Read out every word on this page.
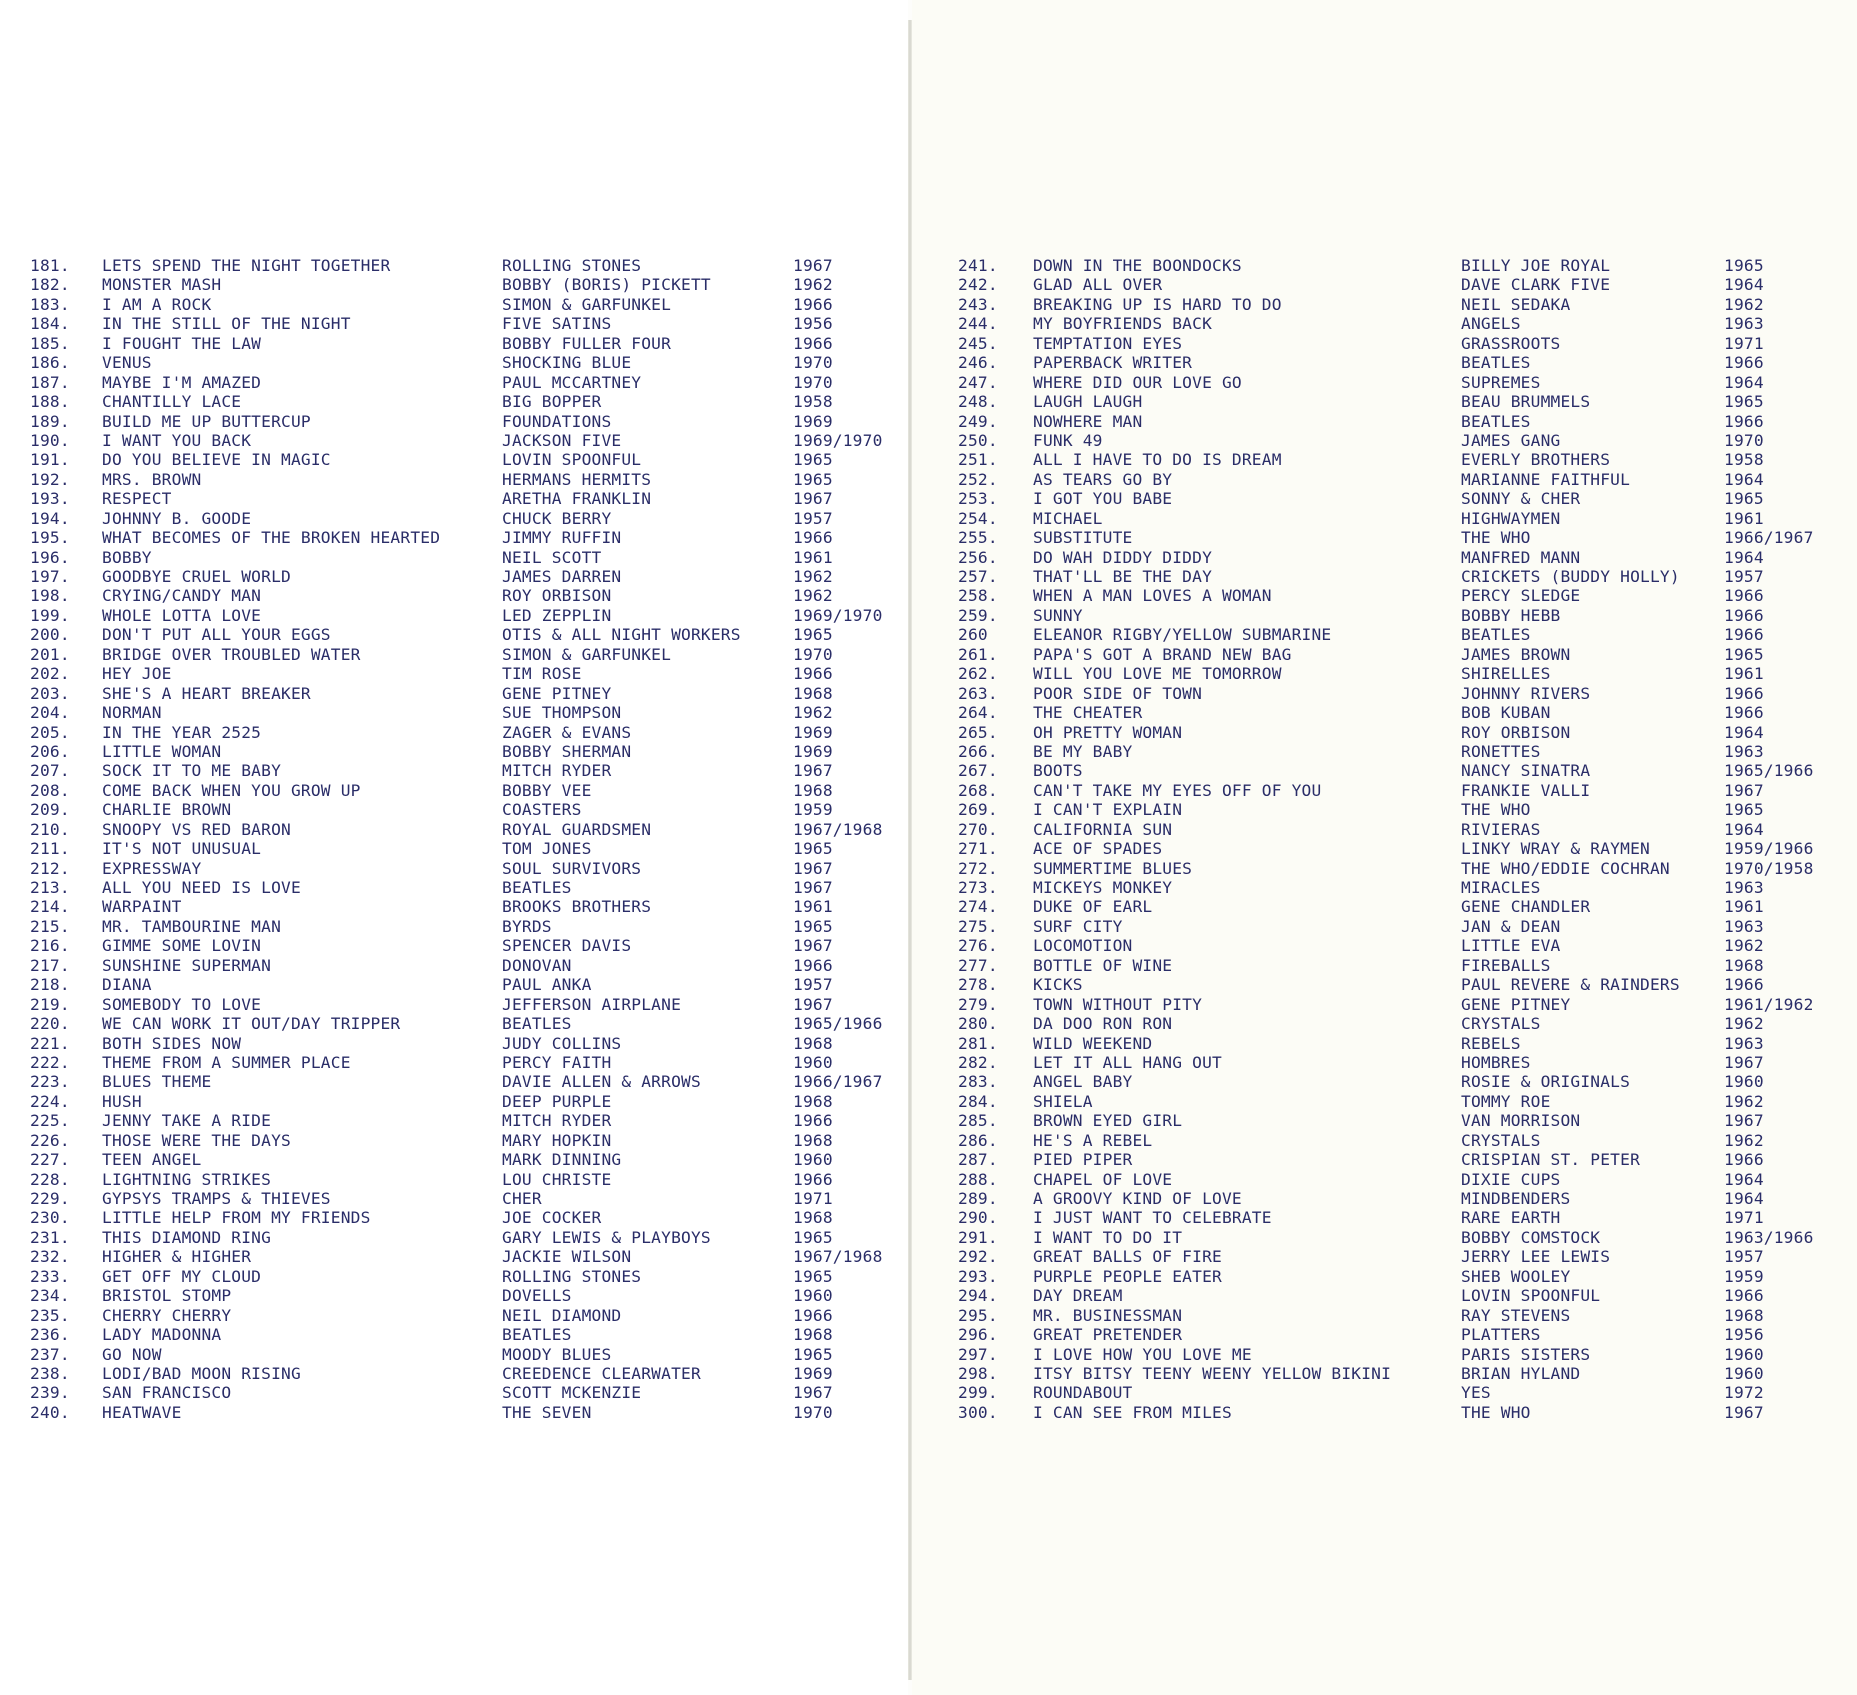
181. LETS SPEND THE NIGHT TOGETHER	ROLLING STONES	1967
182. MONSTER MASH	BOBBY (BORIS) PICKETT	1962
183. I AM A ROCK	SIMON & GARFUNKEL	1966
184. IN THE STILL OF THE NIGHT	FIVE SATINS	1956
185. I FOUGHT THE LAW	BOBBY FULLER FOUR	1966
186. VENUS	SHOCKING BLUE	1970
187. MAYBE I'M AMAZED	PAUL MCCARTNEY	1970
188. CHANTILLY LACE	BIG BOPPER	1958
189. BUILD ME UP BUTTERCUP	FOUNDATIONS	1969
190. I WANT YOU BACK	JACKSON FIVE	1969/1970
191. DO YOU BELIEVE IN MAGIC	LOVIN SPOONFUL	1965
192. MRS. BROWN	HERMANS HERMITS	1965
193. RESPECT	ARETHA FRANKLIN	1967
194. JOHNNY B. GOODE	CHUCK BERRY	1957
195. WHAT BECOMES OF THE BROKEN HEARTED	JIMMY RUFFIN	1966
196. BOBBY	NEIL SCOTT	1961
197. GOODBYE CRUEL WORLD	JAMES DARREN	1962
198. CRYING/CANDY MAN	ROY ORBISON	1962
199. WHOLE LOTTA LOVE	LED ZEPPLIN	1969/1970
200. DON'T PUT ALL YOUR EGGS	OTIS & ALL NIGHT WORKERS	1965
201. BRIDGE OVER TROUBLED WATER	SIMON & GARFUNKEL	1970
202. HEY JOE	TIM ROSE	1966
203. SHE'S A HEART BREAKER	GENE PITNEY	1968
204. NORMAN	SUE THOMPSON	1962
205. IN THE YEAR 2525	ZAGER & EVANS	1969
206. LITTLE WOMAN	BOBBY SHERMAN	1969
207. SOCK IT TO ME BABY	MITCH RYDER	1967
208. COME BACK WHEN YOU GROW UP	BOBBY VEE	1968
209. CHARLIE BROWN	COASTERS	1959
210. SNOOPY VS RED BARON	ROYAL GUARDSMEN	1967/1968
211. IT'S NOT UNUSUAL	TOM JONES	1965
212. EXPRESSWAY	SOUL SURVIVORS	1967
213. ALL YOU NEED IS LOVE	BEATLES	1967
214. WARPAINT	BROOKS BROTHERS	1961
215. MR. TAMBOURINE MAN	BYRDS	1965
216. GIMME SOME LOVIN	SPENCER DAVIS	1967
217. SUNSHINE SUPERMAN	DONOVAN	1966
218. DIANA	PAUL ANKA	1957
219. SOMEBODY TO LOVE	JEFFERSON AIRPLANE	1967
220. WE CAN WORK IT OUT/DAY TRIPPER	BEATLES	1965/1966
221. BOTH SIDES NOW	JUDY COLLINS	1968
222. THEME FROM A SUMMER PLACE	PERCY FAITH	1960
223. BLUES THEME	DAVIE ALLEN & ARROWS	1966/1967
224. HUSH	DEEP PURPLE	1968
225. JENNY TAKE A RIDE	MITCH RYDER	1966
226. THOSE WERE THE DAYS	MARY HOPKIN	1968
227. TEEN ANGEL	MARK DINNING	1960
228. LIGHTNING STRIKES	LOU CHRISTE	1966
229. GYPSYS TRAMPS & THIEVES	CHER	1971
230. LITTLE HELP FROM MY FRIENDS	JOE COCKER	1968
231. THIS DIAMOND RING	GARY LEWIS & PLAYBOYS	1965
232. HIGHER & HIGHER	JACKIE WILSON	1967/1968
233. GET OFF MY CLOUD	ROLLING STONES	1965
234. BRISTOL STOMP	DOVELLS	1960
235. CHERRY CHERRY	NEIL DIAMOND	1966
236. LADY MADONNA	BEATLES	1968
237. GO NOW	MOODY BLUES	1965
238. LODI/BAD MOON RISING	CREEDENCE CLEARWATER	1969
239. SAN FRANCISCO	SCOTT MCKENZIE	1967
240. HEATWAVE	THE SEVEN	1970
241. DOWN IN THE BOONDOCKS	BILLY JOE ROYAL	1965
242. GLAD ALL OVER	DAVE CLARK FIVE	1964
243. BREAKING UP IS HARD TO DO	NEIL SEDAKA	1962
244. MY BOYFRIENDS BACK	ANGELS	1963
245. TEMPTATION EYES	GRASSROOTS	1971
246. PAPERBACK WRITER	BEATLES	1966
247. WHERE DID OUR LOVE GO	SUPREMES	1964
248. LAUGH LAUGH	BEAU BRUMMELS	1965
249. NOWHERE MAN	BEATLES	1966
250. FUNK 49	JAMES GANG	1970
251. ALL I HAVE TO DO IS DREAM	EVERLY BROTHERS	1958
252. AS TEARS GO BY	MARIANNE FAITHFUL	1964
253. I GOT YOU BABE	SONNY & CHER	1965
254. MICHAEL	HIGHWAYMEN	1961
255. SUBSTITUTE	THE WHO	1966/1967
256. DO WAH DIDDY DIDDY	MANFRED MANN	1964
257. THAT'LL BE THE DAY	CRICKETS (BUDDY HOLLY)	1957
258. WHEN A MAN LOVES A WOMAN	PERCY SLEDGE	1966
259. SUNNY	BOBBY HEBB	1966
260	ELEANOR RIGBY/YELLOW SUBMARINE	BEATLES	1966
261. PAPA'S GOT A BRAND NEW BAG	JAMES BROWN	1965
262. WILL YOU LOVE ME TOMORROW	SHIRELLES	1961
263. POOR SIDE OF TOWN	JOHNNY RIVERS	1966
264. THE CHEATER	BOB KUBAN	1966
265. OH PRETTY WOMAN	ROY ORBISON	1964
266. BE MY BABY	RONETTES	1963
267. BOOTS	NANCY SINATRA	1965/1966
268. CAN'T TAKE MY EYES OFF OF YOU	FRANKIE VALLI	1967
269. I CAN'T EXPLAIN	THE WHO	1965
270. CALIFORNIA SUN	RIVIERAS	1964
271. ACE OF SPADES	LINKY WRAY & RAYMEN	1959/1966
272. SUMMERTIME BLUES	THE WHO/EDDIE COCHRAN	1970/1958
273. MICKEYS MONKEY	MIRACLES	1963
274. DUKE OF EARL	GENE CHANDLER	1961
275. SURF CITY	JAN & DEAN	1963
276. LOCOMOTION	LITTLE EVA	1962
277. BOTTLE OF WINE	FIREBALLS	1968
278. KICKS	PAUL REVERE & RAINDERS	1966
279. TOWN WITHOUT PITY	GENE PITNEY	1961/1962
280. DA DOO RON RON	CRYSTALS	1962
281. WILD WEEKEND	REBELS	1963
282. LET IT ALL HANG OUT	HOMBRES	1967
283. ANGEL BABY	ROSIE & ORIGINALS	1960
284. SHIELA	TOMMY ROE	1962
285. BROWN EYED GIRL	VAN MORRISON	1967
286. HE'S A REBEL	CRYSTALS	1962
287. PIED PIPER	CRISPIAN ST. PETER	1966
288. CHAPEL OF LOVE	DIXIE CUPS	1964
289. A GROOVY KIND OF LOVE	MINDBENDERS	1964
290. I JUST WANT TO CELEBRATE	RARE EARTH	1971
291. I WANT TO DO IT	BOBBY COMSTOCK	1963/1966
292. GREAT BALLS OF FIRE	JERRY LEE LEWIS	1957
293. PURPLE PEOPLE EATER	SHEB WOOLEY	1959
294. DAY DREAM	LOVIN SPOONFUL	1966
295. MR. BUSINESSMAN	RAY STEVENS	1968
296. GREAT PRETENDER	PLATTERS	1956
297. I LOVE HOW YOU LOVE ME	PARIS SISTERS	1960
298. ITSY BITSY TEENY WEENY YELLOW BIKINI	BRIAN HYLAND	1960
299. ROUNDABOUT	YES	1972
300. I CAN SEE FROM MILES	THE WHO	1967
